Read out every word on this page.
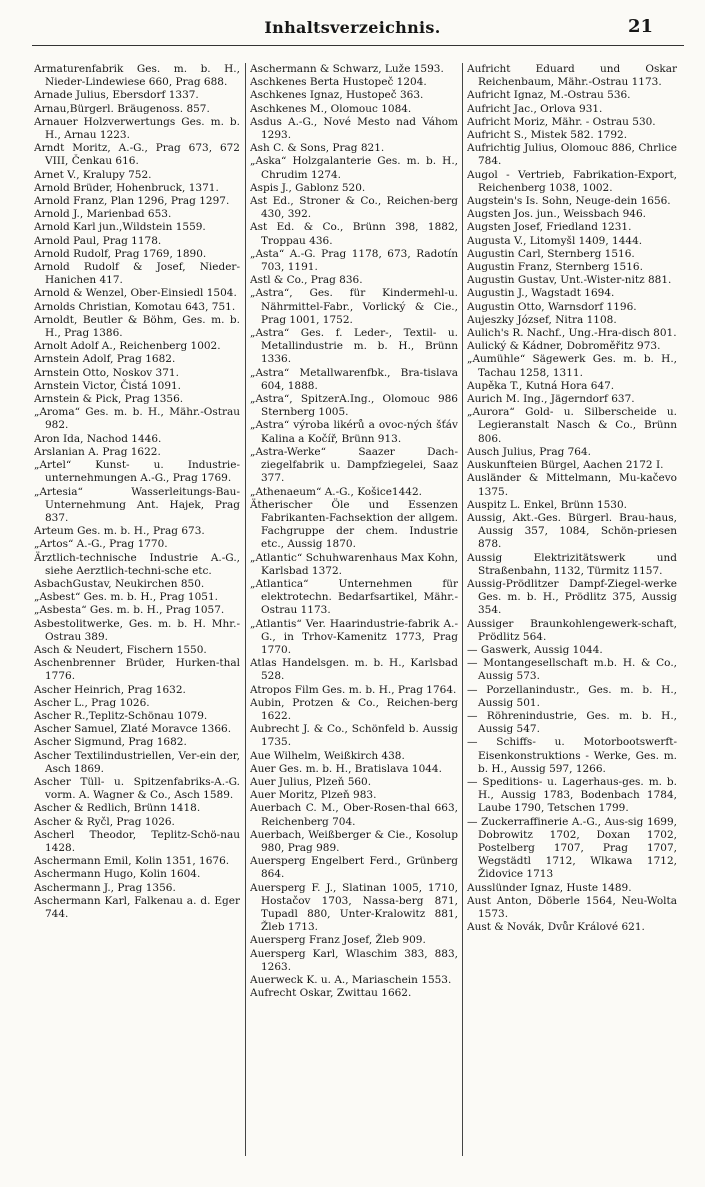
Inhaltsverzeichnis.	21
Armaturenfabrik Ges. m. b. H., Nieder-Lindewiese 660, Prag 688.
Arnade Julius, Ebersdorf 1337.
Arnau,Bürgerl. Bräugenoss. 857.
Arnauer Holzverwertungs Ges. m. b. H., Arnau 1223.
Arndt Moritz, A.-G., Prag 673, 672 VIII, Čenkau 616.
Arnet V., Kralupy 752.
Arnold Brüder, Hohenbruck, 1371.
Arnold Franz, Plan 1296, Prag 1297.
Arnold J., Marienbad 653.
Arnold Karl jun.,Wildstein 1559.
Arnold Paul, Prag 1178.
Arnold Rudolf, Prag 1769, 1890.
Arnold Rudolf & Josef, Nieder-Hanichen 417.
Arnold & Wenzel, Ober-Einsiedl 1504.
Arnolds Christian, Komotau 643, 751.
Arnoldt, Beutler & Böhm, Ges. m. b. H., Prag 1386.
Arnolt Adolf A., Reichenberg 1002.
Arnstein Adolf, Prag 1682.
Arnstein Otto, Noskov 371.
Arnstein Victor, Čistá 1091.
Arnstein & Pick, Prag 1356.
„Aroma“ Ges. m. b. H., Mähr.-Ostrau 982.
Aron Ida, Nachod 1446.
Arslanian A. Prag 1622.
„Artel“ Kunst- u. Industrie-unternehmungen A.-G., Prag 1769.
„Artesia“ Wasserleitungs-Bau-Unternehmung Ant. Hajek, Prag 837.
Arteum Ges. m. b. H., Prag 673.
„Artos“ A.-G., Prag 1770.
Ärztlich-technische Industrie A.-G., siehe Aerztlich-techni-sche etc.
AsbachGustav, Neukirchen 850.
„Asbest“ Ges. m. b. H., Prag 1051.
„Asbesta“ Ges. m. b. H., Prag 1057.
Asbestolitwerke, Ges. m. b. H. Mhr.-Ostrau 389.
Asch & Neudert, Fischern 1550.
Aschenbrenner Brüder, Hurken-thal 1776.
Ascher Heinrich, Prag 1632.
Ascher L., Prag 1026.
Ascher R.,Teplitz-Schönau 1079.
Ascher Samuel, Zlaté Moravce 1366.
Ascher Sigmund, Prag 1682.
Ascher Textilindustriellen, Ver-ein der, Asch 1869.
Ascher Tüll- u. Spitzenfabriks-A.-G. vorm. A. Wagner & Co., Asch 1589.
Ascher & Redlich, Brünn 1418.
Ascher & Ryčl, Prag 1026.
Ascherl Theodor, Teplitz-Schö-nau 1428.
Aschermann Emil, Kolin 1351, 1676.
Aschermann Hugo, Kolin 1604.
Aschermann J., Prag 1356.
Aschermann Karl, Falkenau a. d. Eger 744.
Aschermann & Schwarz, Luže 1593.
Aschkenes Berta Hustopeč 1204.
Aschkenes Ignaz, Hustopeč 363.
Aschkenes M., Olomouc 1084.
Asdus A.-G., Nové Mesto nad Váhom 1293.
Ash C. & Sons, Prag 821.
„Aska“ Holzgalanterie Ges. m. b. H., Chrudim 1274.
Aspis J., Gablonz 520.
Ast Ed., Stroner & Co., Reichen-berg 430, 392.
Ast Ed. & Co., Brünn 398, 1882, Troppau 436.
„Asta“ A.-G. Prag 1178, 673, Radotín 703, 1191.
Astl & Co., Prag 836.
„Astra“, Ges. für Kindermehl-u. Nährmittel-Fabr., Vorlický & Cie., Prag 1001, 1752.
„Astra“ Ges. f. Leder-, Textil- u. Metallindustrie m. b. H., Brünn 1336.
„Astra“ Metallwarenfbk., Bra-tislava 604, 1888.
„Astra“, SpitzerA.Ing., Olomouc 986 Sternberg 1005.
„Astra“ výroba likérů a ovoc-ných šťáv Kalina a Kočíř, Brünn 913.
„Astra-Werke“ Saazer Dach-ziegelfabrik u. Dampfziegelei, Saaz 377.
„Athenaeum“ A.-G., Košice1442.
Ätherischer Öle und Essenzen Fabrikanten-Fachsektion der allgem. Fachgruppe der chem. Industrie etc., Aussig 1870.
„Atlantic“ Schuhwarenhaus Max Kohn, Karlsbad 1372.
„Atlantica“ Unternehmen für elektrotechn. Bedarfsartikel, Mähr.-Ostrau 1173.
„Atlantis“ Ver. Haarindustrie-fabrik A.-G., in Trhov-Kamenitz 1773, Prag 1770.
Atlas Handelsgen. m. b. H., Karlsbad 528.
Atropos Film Ges. m. b. H., Prag 1764.
Aubin, Protzen & Co., Reichen-berg 1622.
Aubrecht J. & Co., Schönfeld b. Aussig 1735.
Aue Wilhelm, Weißkirch 438.
Auer Ges. m. b. H., Bratislava 1044.
Auer Julius, Plzeň 560.
Auer Moritz, Plzeň 983.
Auerbach C. M., Ober-Rosen-thal 663, Reichenberg 704.
Auerbach, Weißberger & Cie., Kosolup 980, Prag 989.
Auersperg Engelbert Ferd., Grünberg 864.
Auersperg F. J., Slatinan 1005, 1710, Hostačov 1703, Nassa-berg 871, Tupadl 880, Unter-Kralowitz 881, Žleb 1713.
Auersperg Franz Josef, Žleb 909.
Auersperg Karl, Wlaschim 383, 883, 1263.
Auerweck K. u. A., Mariaschein 1553.
Aufrecht Oskar, Zwittau 1662.
Aufricht Eduard und Oskar Reichenbaum, Mähr.-Ostrau 1173.
Aufricht Ignaz, M.-Ostrau 536.
Aufricht Jac., Orlova 931.
Aufricht Moriz, Mähr. - Ostrau 530.
Aufricht S., Mistek 582. 1792.
Aufrichtig Julius, Olomouc 886, Chrlice 784.
Augol - Vertrieb, Fabrikation-Export, Reichenberg 1038, 1002.
Augstein's Is. Sohn, Neuge-dein 1656.
Augsten Jos. jun., Weissbach 946.
Augsten Josef, Friedland 1231.
Augusta V., Litomyšl 1409, 1444.
Augustin Carl, Sternberg 1516.
Augustin Franz, Sternberg 1516.
Augustin Gustav, Unt.-Wister-nitz 881.
Augustin J., Wagstadt 1694.
Augustin Otto, Warnsdorf 1196.
Aujeszky József, Nitra 1108.
Aulich's R. Nachf., Ung.-Hra-disch 801.
Aulický & Kádner, Dobroměřitz 973.
„Aumühle“ Sägewerk Ges. m. b. H., Tachau 1258, 1311.
Aupěka T., Kutná Hora 647.
Aurich M. Ing., Jägerndorf 637.
„Aurora“ Gold- u. Silberscheide u. Legieranstalt Nasch & Co., Brünn 806.
Ausch Julius, Prag 764.
Auskunfteien Bürgel, Aachen 2172 I.
Ausländer & Mittelmann, Mu-kačevo 1375.
Auspitz L. Enkel, Brünn 1530.
Aussig, Akt.-Ges. Bürgerl. Brau-haus, Aussig 357, 1084, Schön-priesen 878.
Aussig Elektrizitätswerk und Straßenbahn, 1132, Türmitz 1157.
Aussig-Prödlitzer Dampf-Ziegel-werke Ges. m. b. H., Prödlitz 375, Aussig 354.
Aussiger Braunkohlengewerk-schaft, Prödlitz 564.
— Gaswerk, Aussig 1044.
— Montangesellschaft m.b. H. & Co., Aussig 573.
— Porzellanindustr., Ges. m. b. H., Aussig 501.
— Röhrenindustrie, Ges. m. b. H., Aussig 547.
— Schiffs- u. Motorbootswerft-Eisenkonstruktions - Werke, Ges. m. b. H., Aussig 597, 1266.
— Speditions- u. Lagerhaus-ges. m. b. H., Aussig 1783, Bodenbach 1784, Laube 1790, Tetschen 1799.
— Zuckerraffinerie A.-G., Aus-sig 1699, Dobrowitz 1702, Doxan 1702, Postelberg 1707, Prag 1707, Wegstädtl 1712, Wlkawa 1712, Židovice 1713
Ausslünder Ignaz, Huste 1489.
Aust Anton, Döberle 1564, Neu-Wolta 1573.
Aust & Novák, Dvůr Králové 621.
